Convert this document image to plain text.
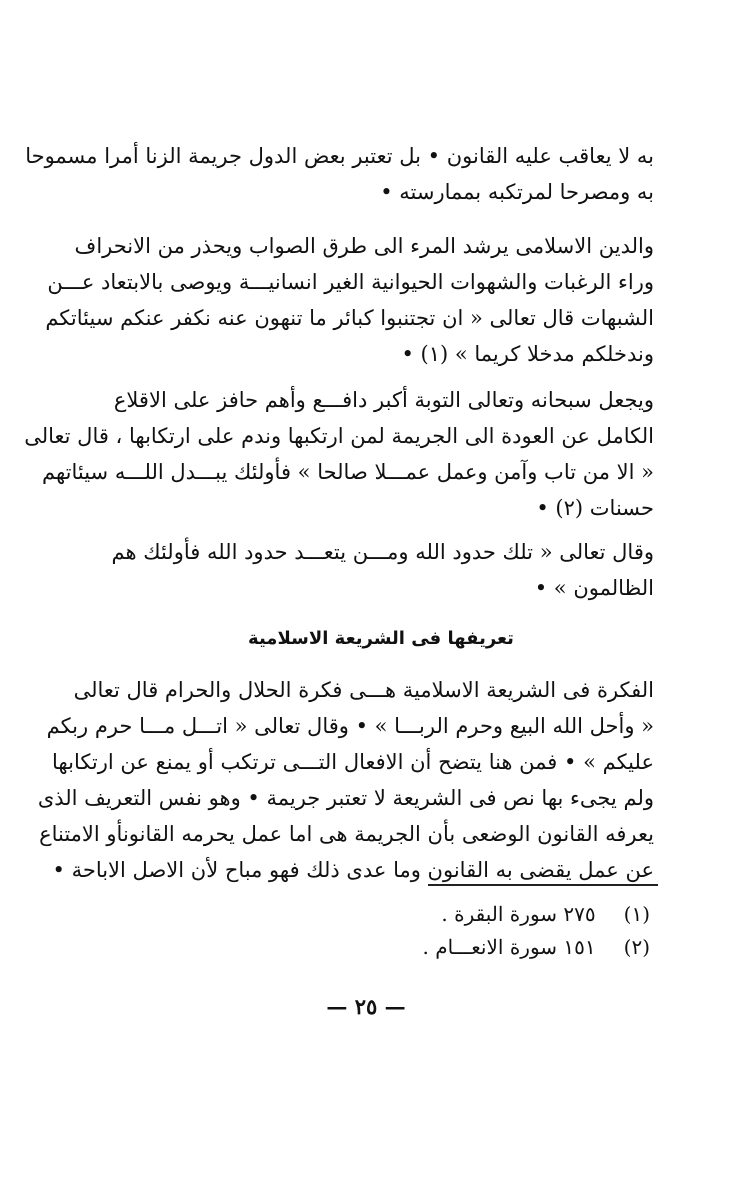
به لا يعاقب عليه القانون • بل تعتبر بعض الدول جريمة الزنا أمرا مسموحا
به ومصرحا لمرتكبه بممارسته •
والدين الاسلامى يرشد المرء الى طرق الصواب ويحذر من الانحراف
وراء الرغبات والشهوات الحيوانية الغير انسانيـــة ويوصى بالابتعاد عـــن
الشبهات قال تعالى « ان تجتنبوا كبائر ما تنهون عنه نكفر عنكم سيئاتكم
وندخلكم مدخلا كريما » (١) •
ويجعل سبحانه وتعالى التوبة أكبر دافـــع وأهم حافز على الاقلاع
الكامل عن العودة الى الجريمة لمن ارتكبها وندم على ارتكابها ، قال تعالى
« الا من تاب وآمن وعمل عمـــلا صالحا » فأولئك يبـــدل اللـــه سيئاتهم
حسنات (٢) •
وقال تعالى « تلك حدود الله ومـــن يتعـــد حدود الله فأولئك هم
الظالمون » •
تعريفها فى الشريعة الاسلامية
الفكرة فى الشريعة الاسلامية هـــى فكرة الحلال والحرام قال تعالى
« وأحل الله البيع وحرم الربـــا » • وقال تعالى « اتـــل مـــا حرم ربكم
عليكم » • فمن هنا يتضح أن الافعال التـــى ترتكب أو يمنع عن ارتكابها
ولم يجىء بها نص فى الشريعة لا تعتبر جريمة • وهو نفس التعريف الذى
يعرفه القانون الوضعى بأن الجريمة هى اما عمل يحرمه القانونأو الامتناع
عن عمل يقضى به القانون وما عدى ذلك فهو مباح لأن الاصل الاباحة •
(١) ٢٧٥ سورة البقرة .
(٢) ١٥١ سورة الانعـــام .
— ٢٥ —
